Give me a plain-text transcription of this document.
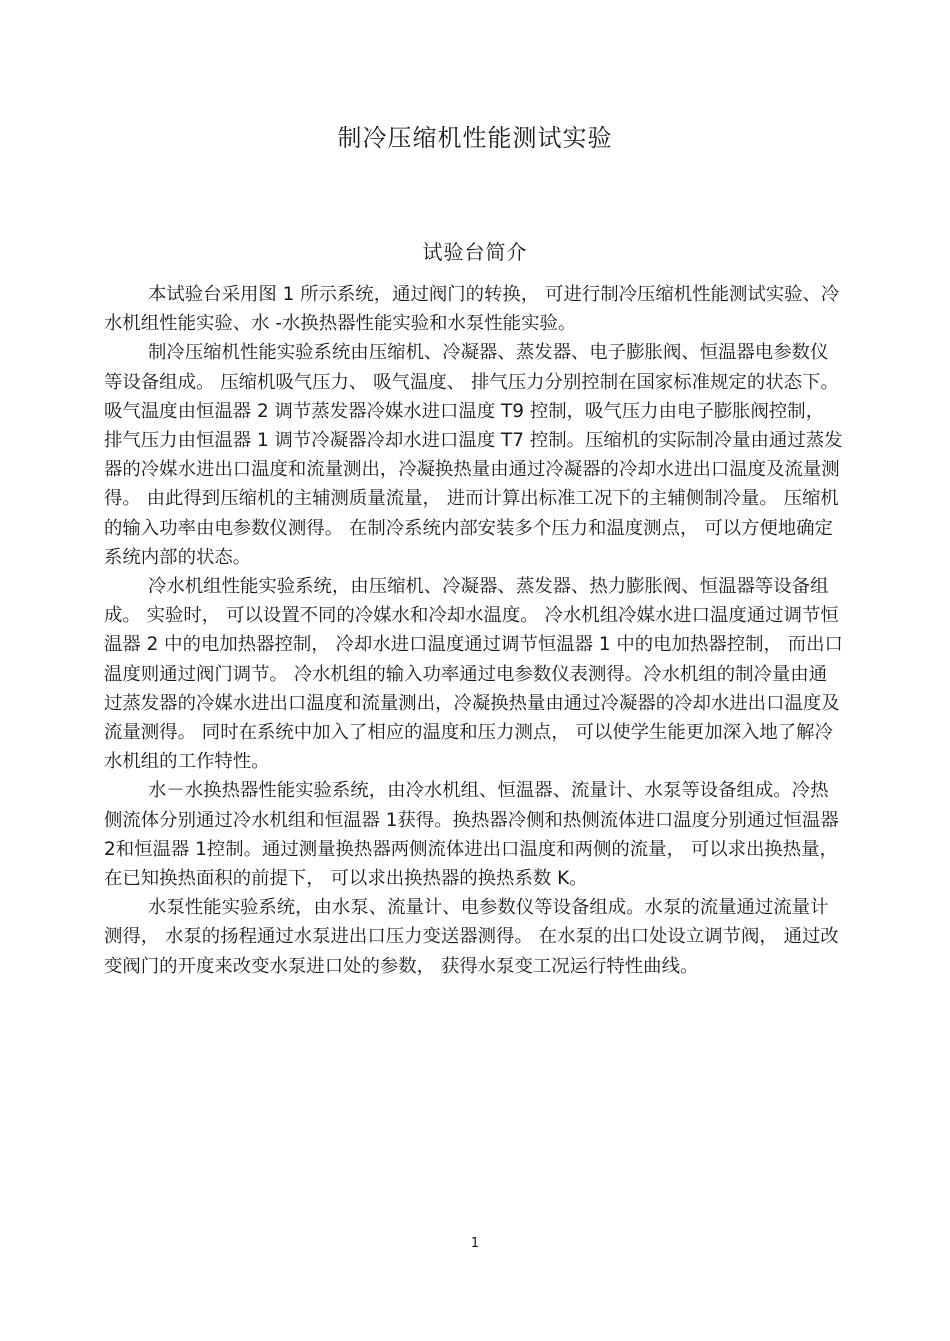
制冷压缩机性能测试实验
试验台简介

本试验台采用图 1 所示系统，通过阀门的转换， 可进行制冷压缩机性能测试实验、冷水机组性能实验、水 -水换热器性能实验和水泵性能实验。

制冷压缩机性能实验系统由压缩机、冷凝器、蒸发器、电子膨胀阀、恒温器电参数仪等设备组成。 压缩机吸气压力、 吸气温度、 排气压力分别控制在国家标准规定的状态下。吸气温度由恒温器 2 调节蒸发器冷媒水进口温度 T9 控制，吸气压力由电子膨胀阀控制， 排气压力由恒温器 1 调节冷凝器冷却水进口温度 T7 控制。压缩机的实际制冷量由通过蒸发器的冷媒水进出口温度和流量测出，冷凝换热量由通过冷凝器的冷却水进出口温度及流量测得。 由此得到压缩机的主辅测质量流量， 进而计算出标准工况下的主辅侧制冷量。 压缩机的输入功率由电参数仪测得。 在制冷系统内部安装多个压力和温度测点， 可以方便地确定系统内部的状态。

冷水机组性能实验系统，由压缩机、冷凝器、蒸发器、热力膨胀阀、恒温器等设备组成。 实验时， 可以设置不同的冷媒水和冷却水温度。 冷水机组冷媒水进口温度通过调节恒温器 2 中的电加热器控制， 冷却水进口温度通过调节恒温器 1 中的电加热器控制， 而出口温度则通过阀门调节。 冷水机组的输入功率通过电参数仪表测得。冷水机组的制冷量由通过蒸发器的冷媒水进出口温度和流量测出，冷凝换热量由通过冷凝器的冷却水进出口温度及流量测得。 同时在系统中加入了相应的温度和压力测点， 可以使学生能更加深入地了解冷水机组的工作特性。

水－水换热器性能实验系统，由冷水机组、恒温器、流量计、水泵等设备组成。冷热侧流体分别通过冷水机组和恒温器 1获得。换热器冷侧和热侧流体进口温度分别通过恒温器 2和恒温器 1控制。通过测量换热器两侧流体进出口温度和两侧的流量， 可以求出换热量， 在已知换热面积的前提下， 可以求出换热器的换热系数 K。

水泵性能实验系统，由水泵、流量计、电参数仪等设备组成。水泵的流量通过流量计测得， 水泵的扬程通过水泵进出口压力变送器测得。 在水泵的出口处设立调节阀， 通过改变阀门的开度来改变水泵进口处的参数， 获得水泵变工况运行特性曲线。

1
